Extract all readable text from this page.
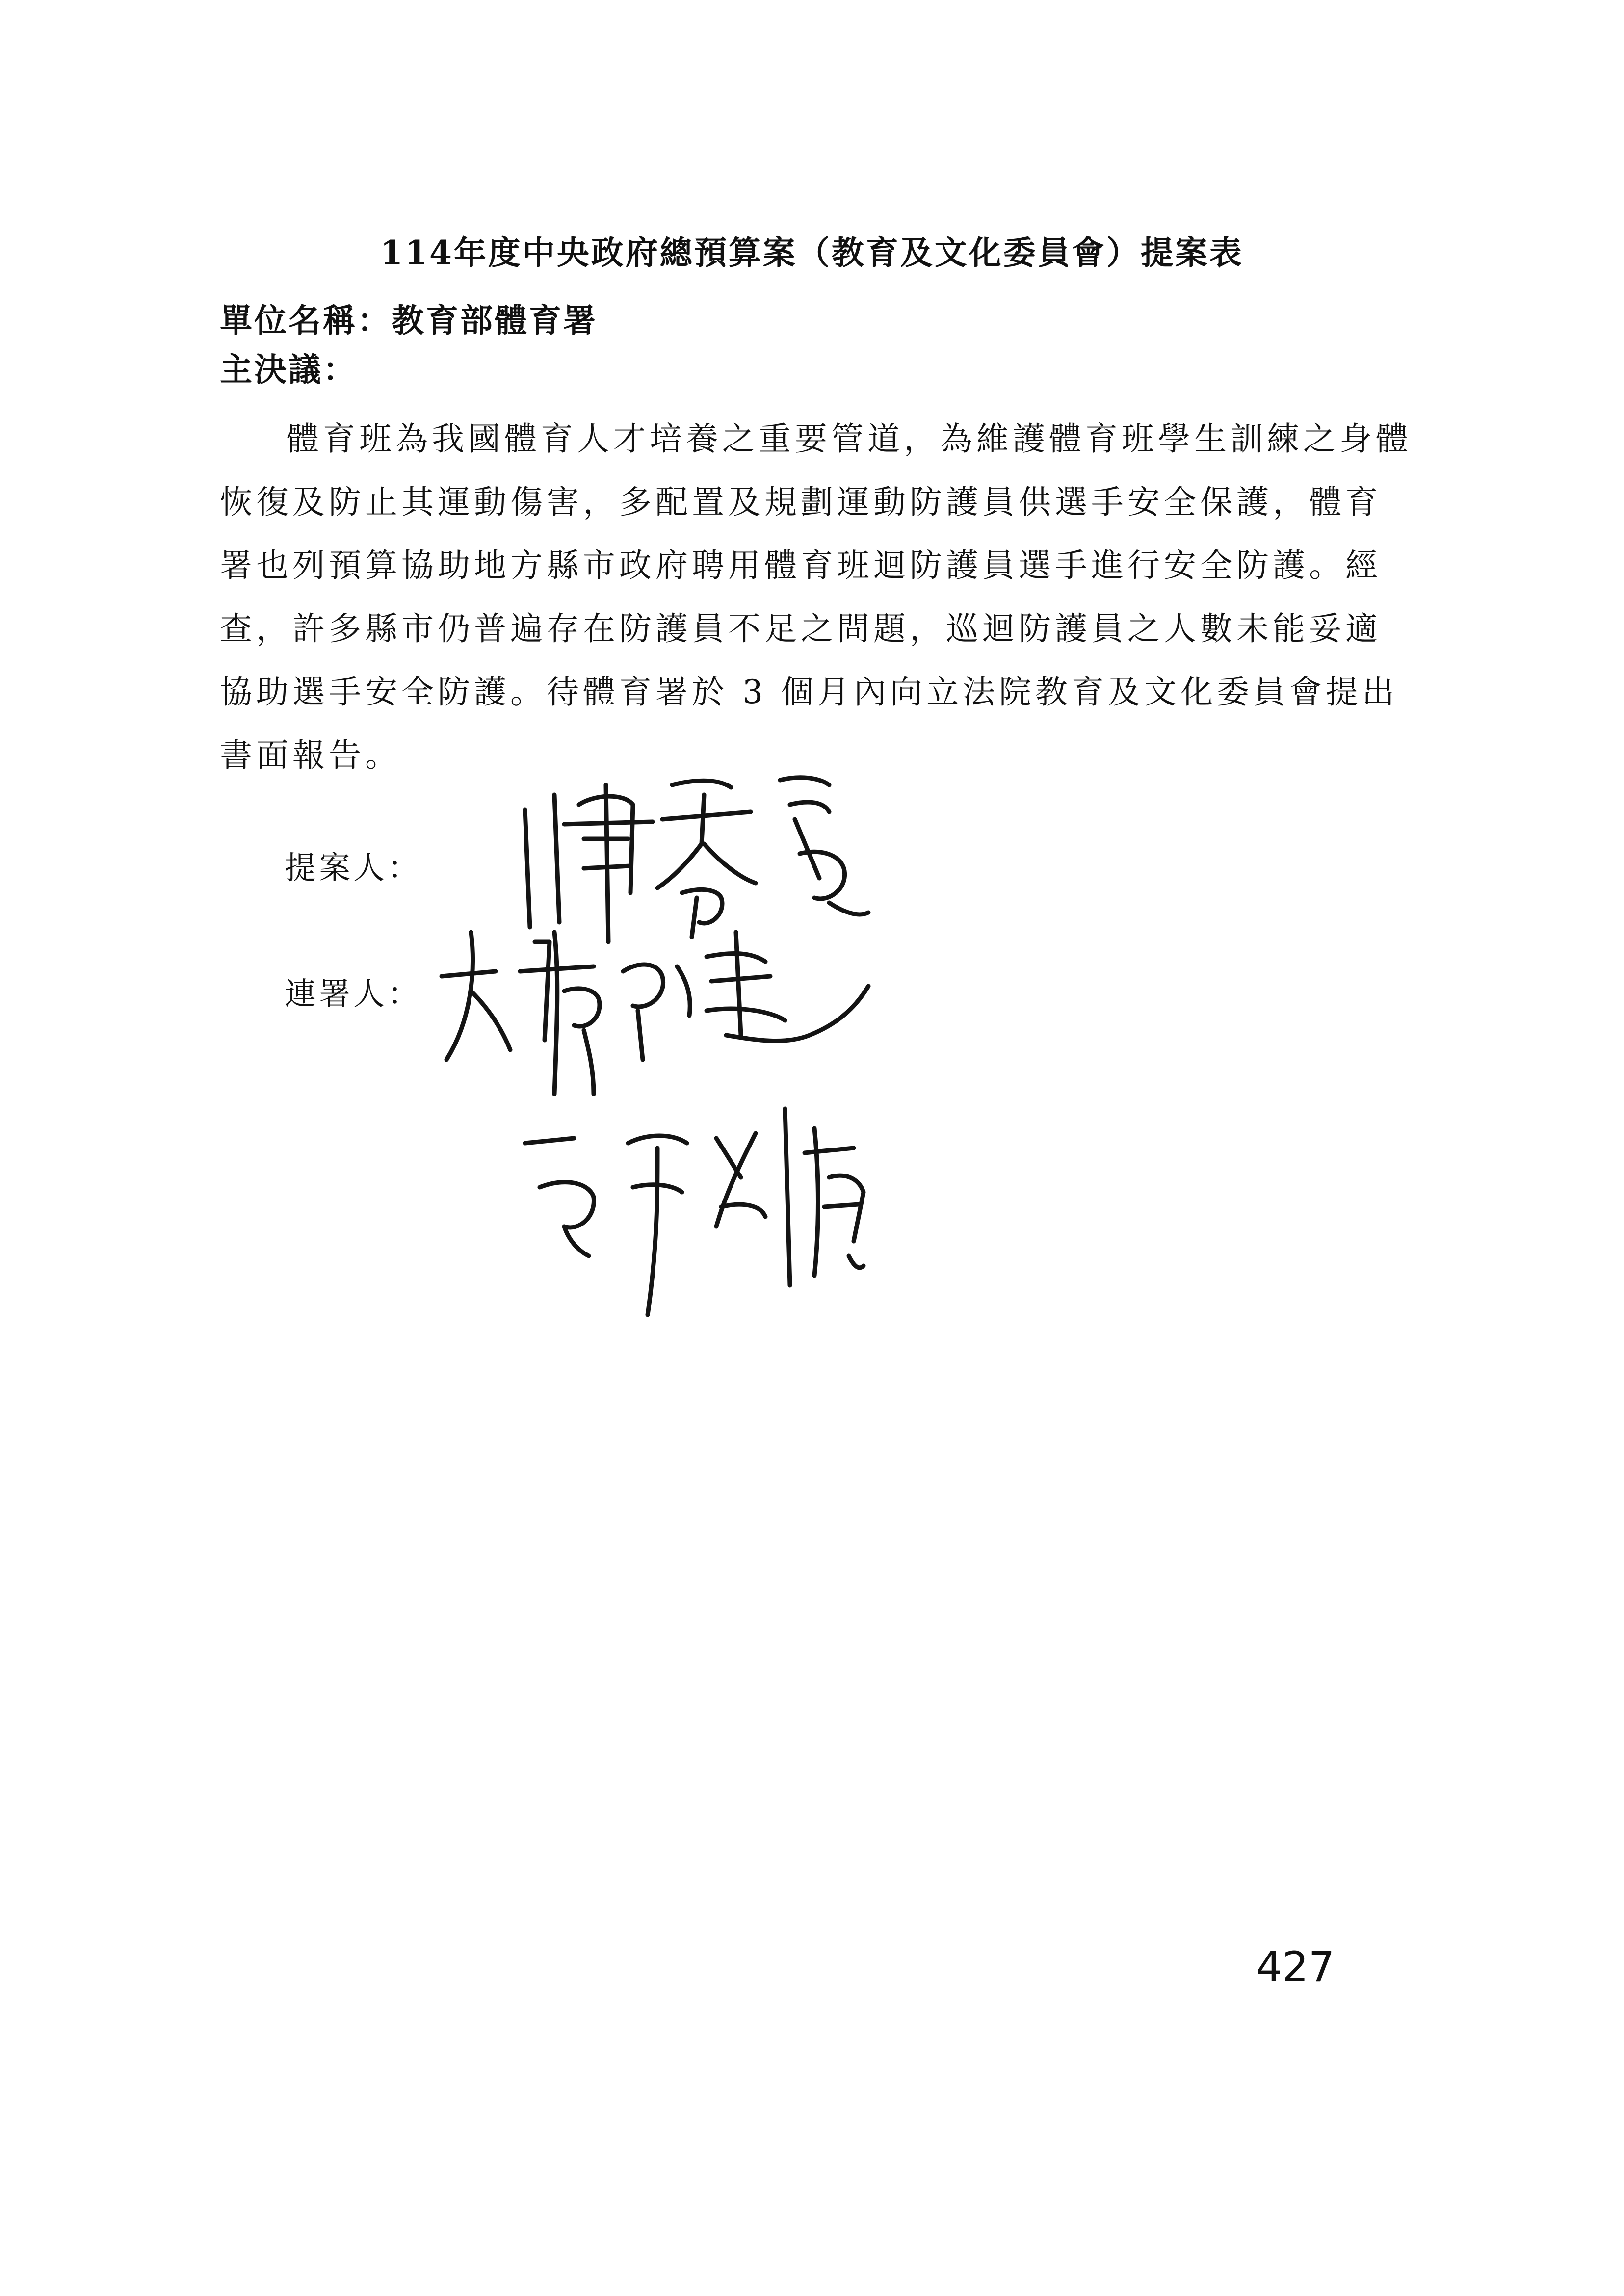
114年度中央政府總預算案（教育及文化委員會）提案表
單位名稱：教育部體育署
主決議：
體育班為我國體育人才培養之重要管道，為維護體育班學生訓練之身體
恢復及防止其運動傷害，多配置及規劃運動防護員供選手安全保護，體育
署也列預算協助地方縣市政府聘用體育班迴防護員選手進行安全防護。經
查，許多縣市仍普遍存在防護員不足之問題，巡迴防護員之人數未能妥適
協助選手安全防護。待體育署於 3 個月內向立法院教育及文化委員會提出
書面報告。
提案人：
連署人：
427
